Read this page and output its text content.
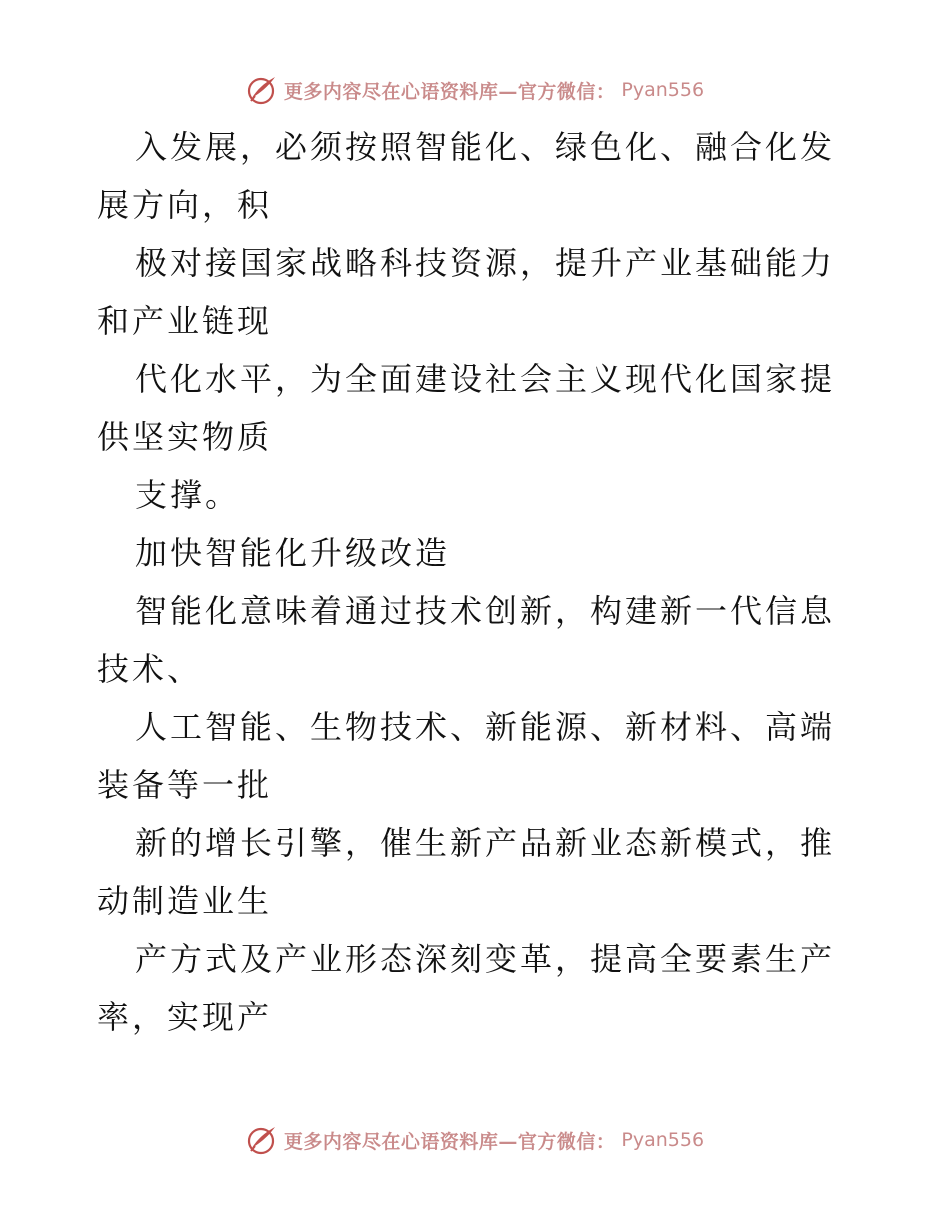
更多内容尽在心语资料库—官方微信： Pyan556

入发展，必须按照智能化、绿色化、融合化发展方向，积

极对接国家战略科技资源，提升产业基础能力和产业链现

代化水平，为全面建设社会主义现代化国家提供坚实物质

支撑。

加快智能化升级改造

智能化意味着通过技术创新，构建新一代信息技术、

人工智能、生物技术、新能源、新材料、高端装备等一批

新的增长引擎，催生新产品新业态新模式，推动制造业生

产方式及产业形态深刻变革，提高全要素生产率，实现产

更多内容尽在心语资料库—官方微信： Pyan556
